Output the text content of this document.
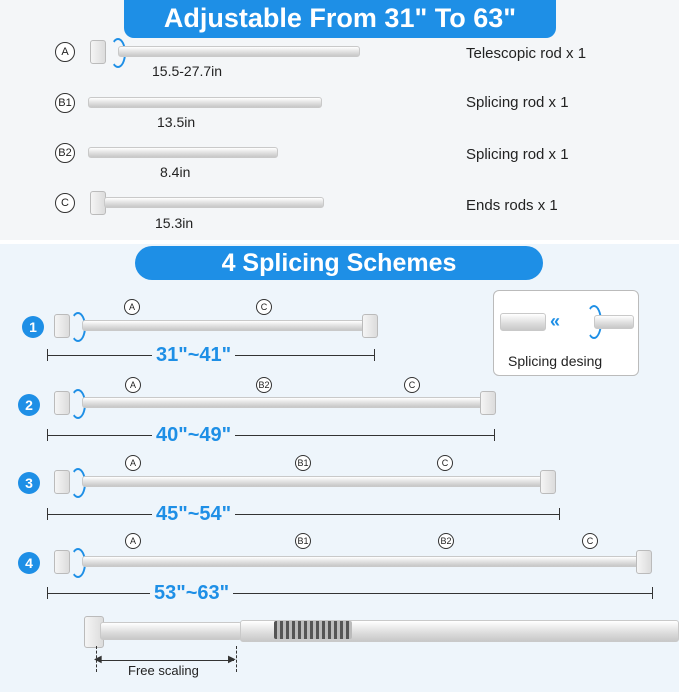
Adjustable From 31" To 63"
A
15.5-27.7in
Telescopic rod x 1
B1
13.5in
Splicing rod x 1
B2
8.4in
Splicing rod x 1
C
15.3in
Ends rods x 1
4 Splicing Schemes
«
Splicing desing
1
A	C
31"~41"
2
A	B2	C
40"~49"
3
A	B1	C
45"~54"
4
A	B1	B2	C
53"~63"
◀	▶
Free scaling
